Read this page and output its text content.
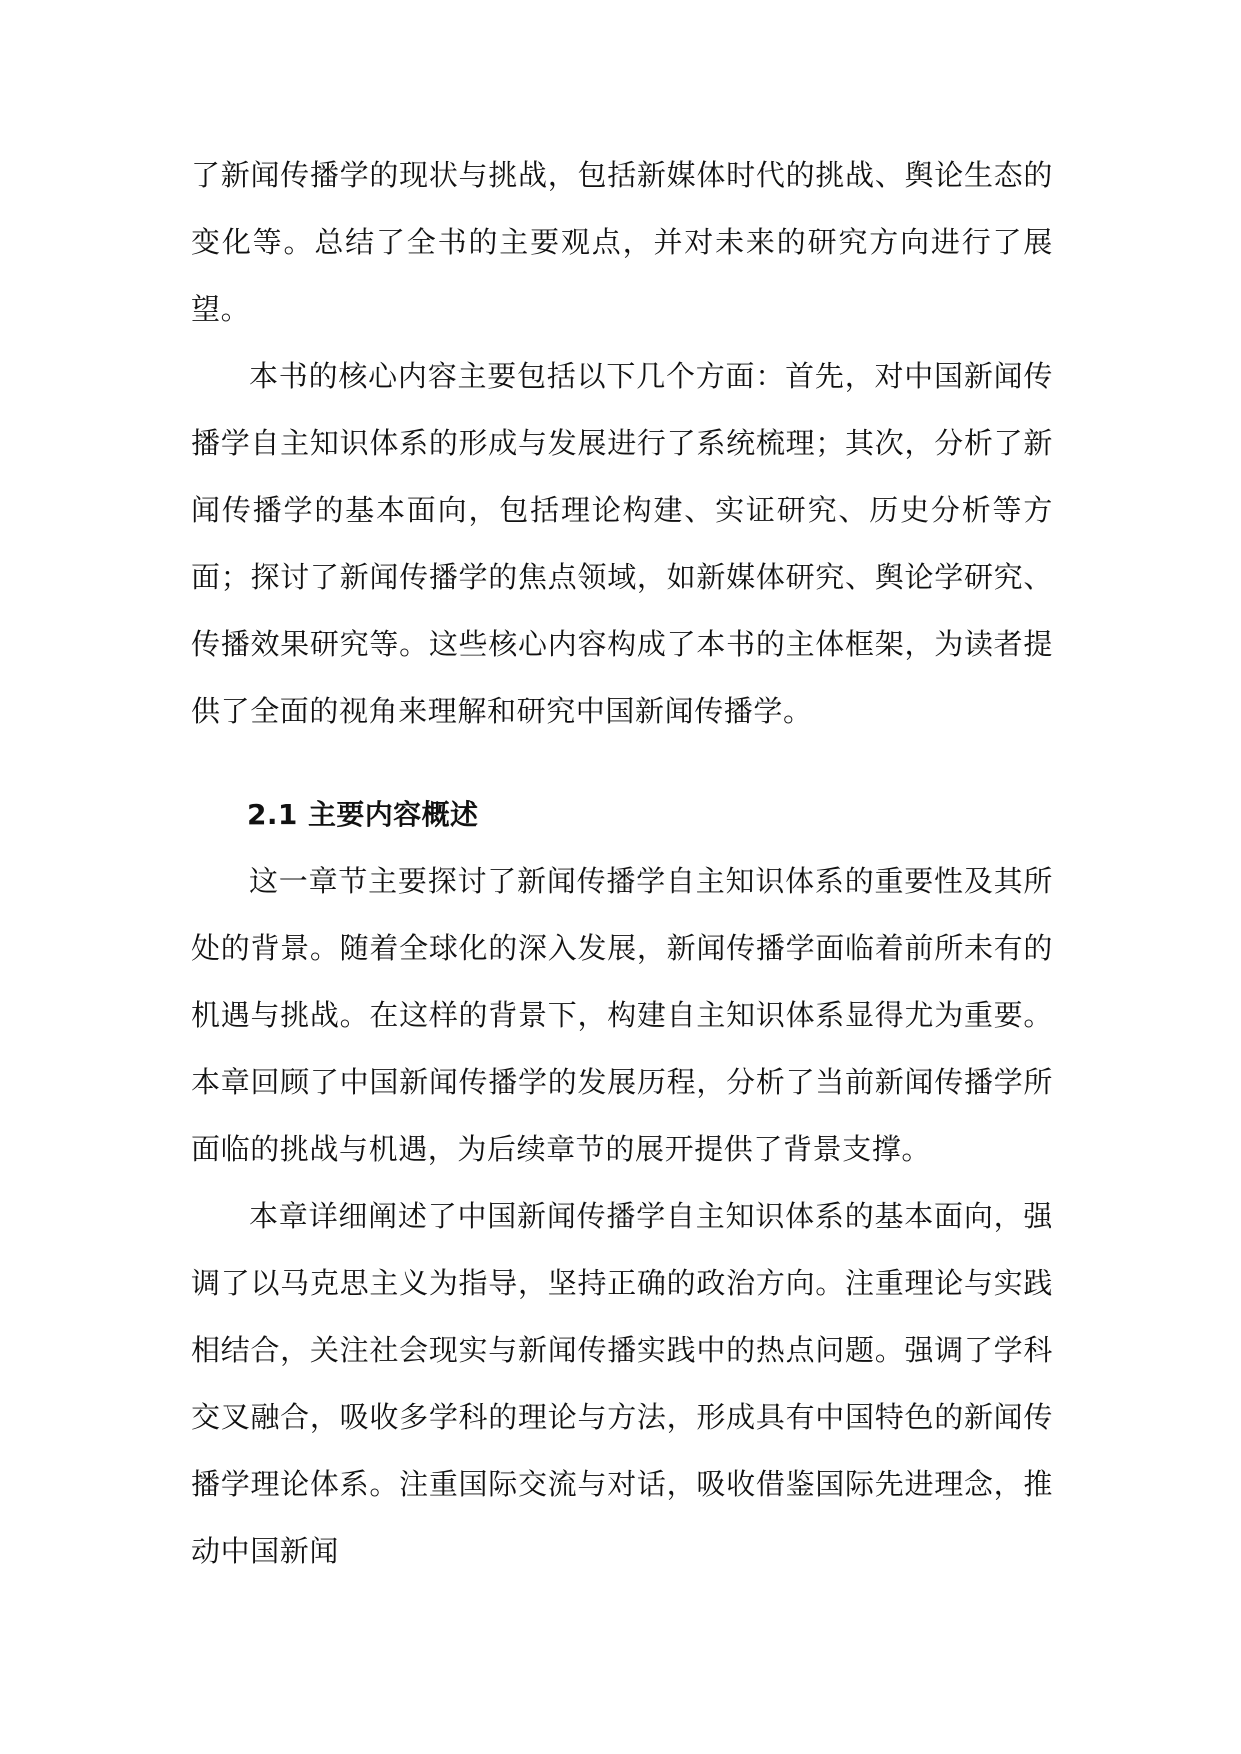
了新闻传播学的现状与挑战，包括新媒体时代的挑战、舆论生态的变化等。总结了全书的主要观点，并对未来的研究方向进行了展望。

本书的核心内容主要包括以下几个方面：首先，对中国新闻传播学自主知识体系的形成与发展进行了系统梳理；其次，分析了新闻传播学的基本面向，包括理论构建、实证研究、历史分析等方面；探讨了新闻传播学的焦点领域，如新媒体研究、舆论学研究、传播效果研究等。这些核心内容构成了本书的主体框架，为读者提供了全面的视角来理解和研究中国新闻传播学。

2.1 主要内容概述

这一章节主要探讨了新闻传播学自主知识体系的重要性及其所处的背景。随着全球化的深入发展，新闻传播学面临着前所未有的机遇与挑战。在这样的背景下，构建自主知识体系显得尤为重要。本章回顾了中国新闻传播学的发展历程，分析了当前新闻传播学所面临的挑战与机遇，为后续章节的展开提供了背景支撑。

本章详细阐述了中国新闻传播学自主知识体系的基本面向，强调了以马克思主义为指导，坚持正确的政治方向。注重理论与实践相结合，关注社会现实与新闻传播实践中的热点问题。强调了学科交叉融合，吸收多学科的理论与方法，形成具有中国特色的新闻传播学理论体系。注重国际交流与对话，吸收借鉴国际先进理念，推动中国新闻
